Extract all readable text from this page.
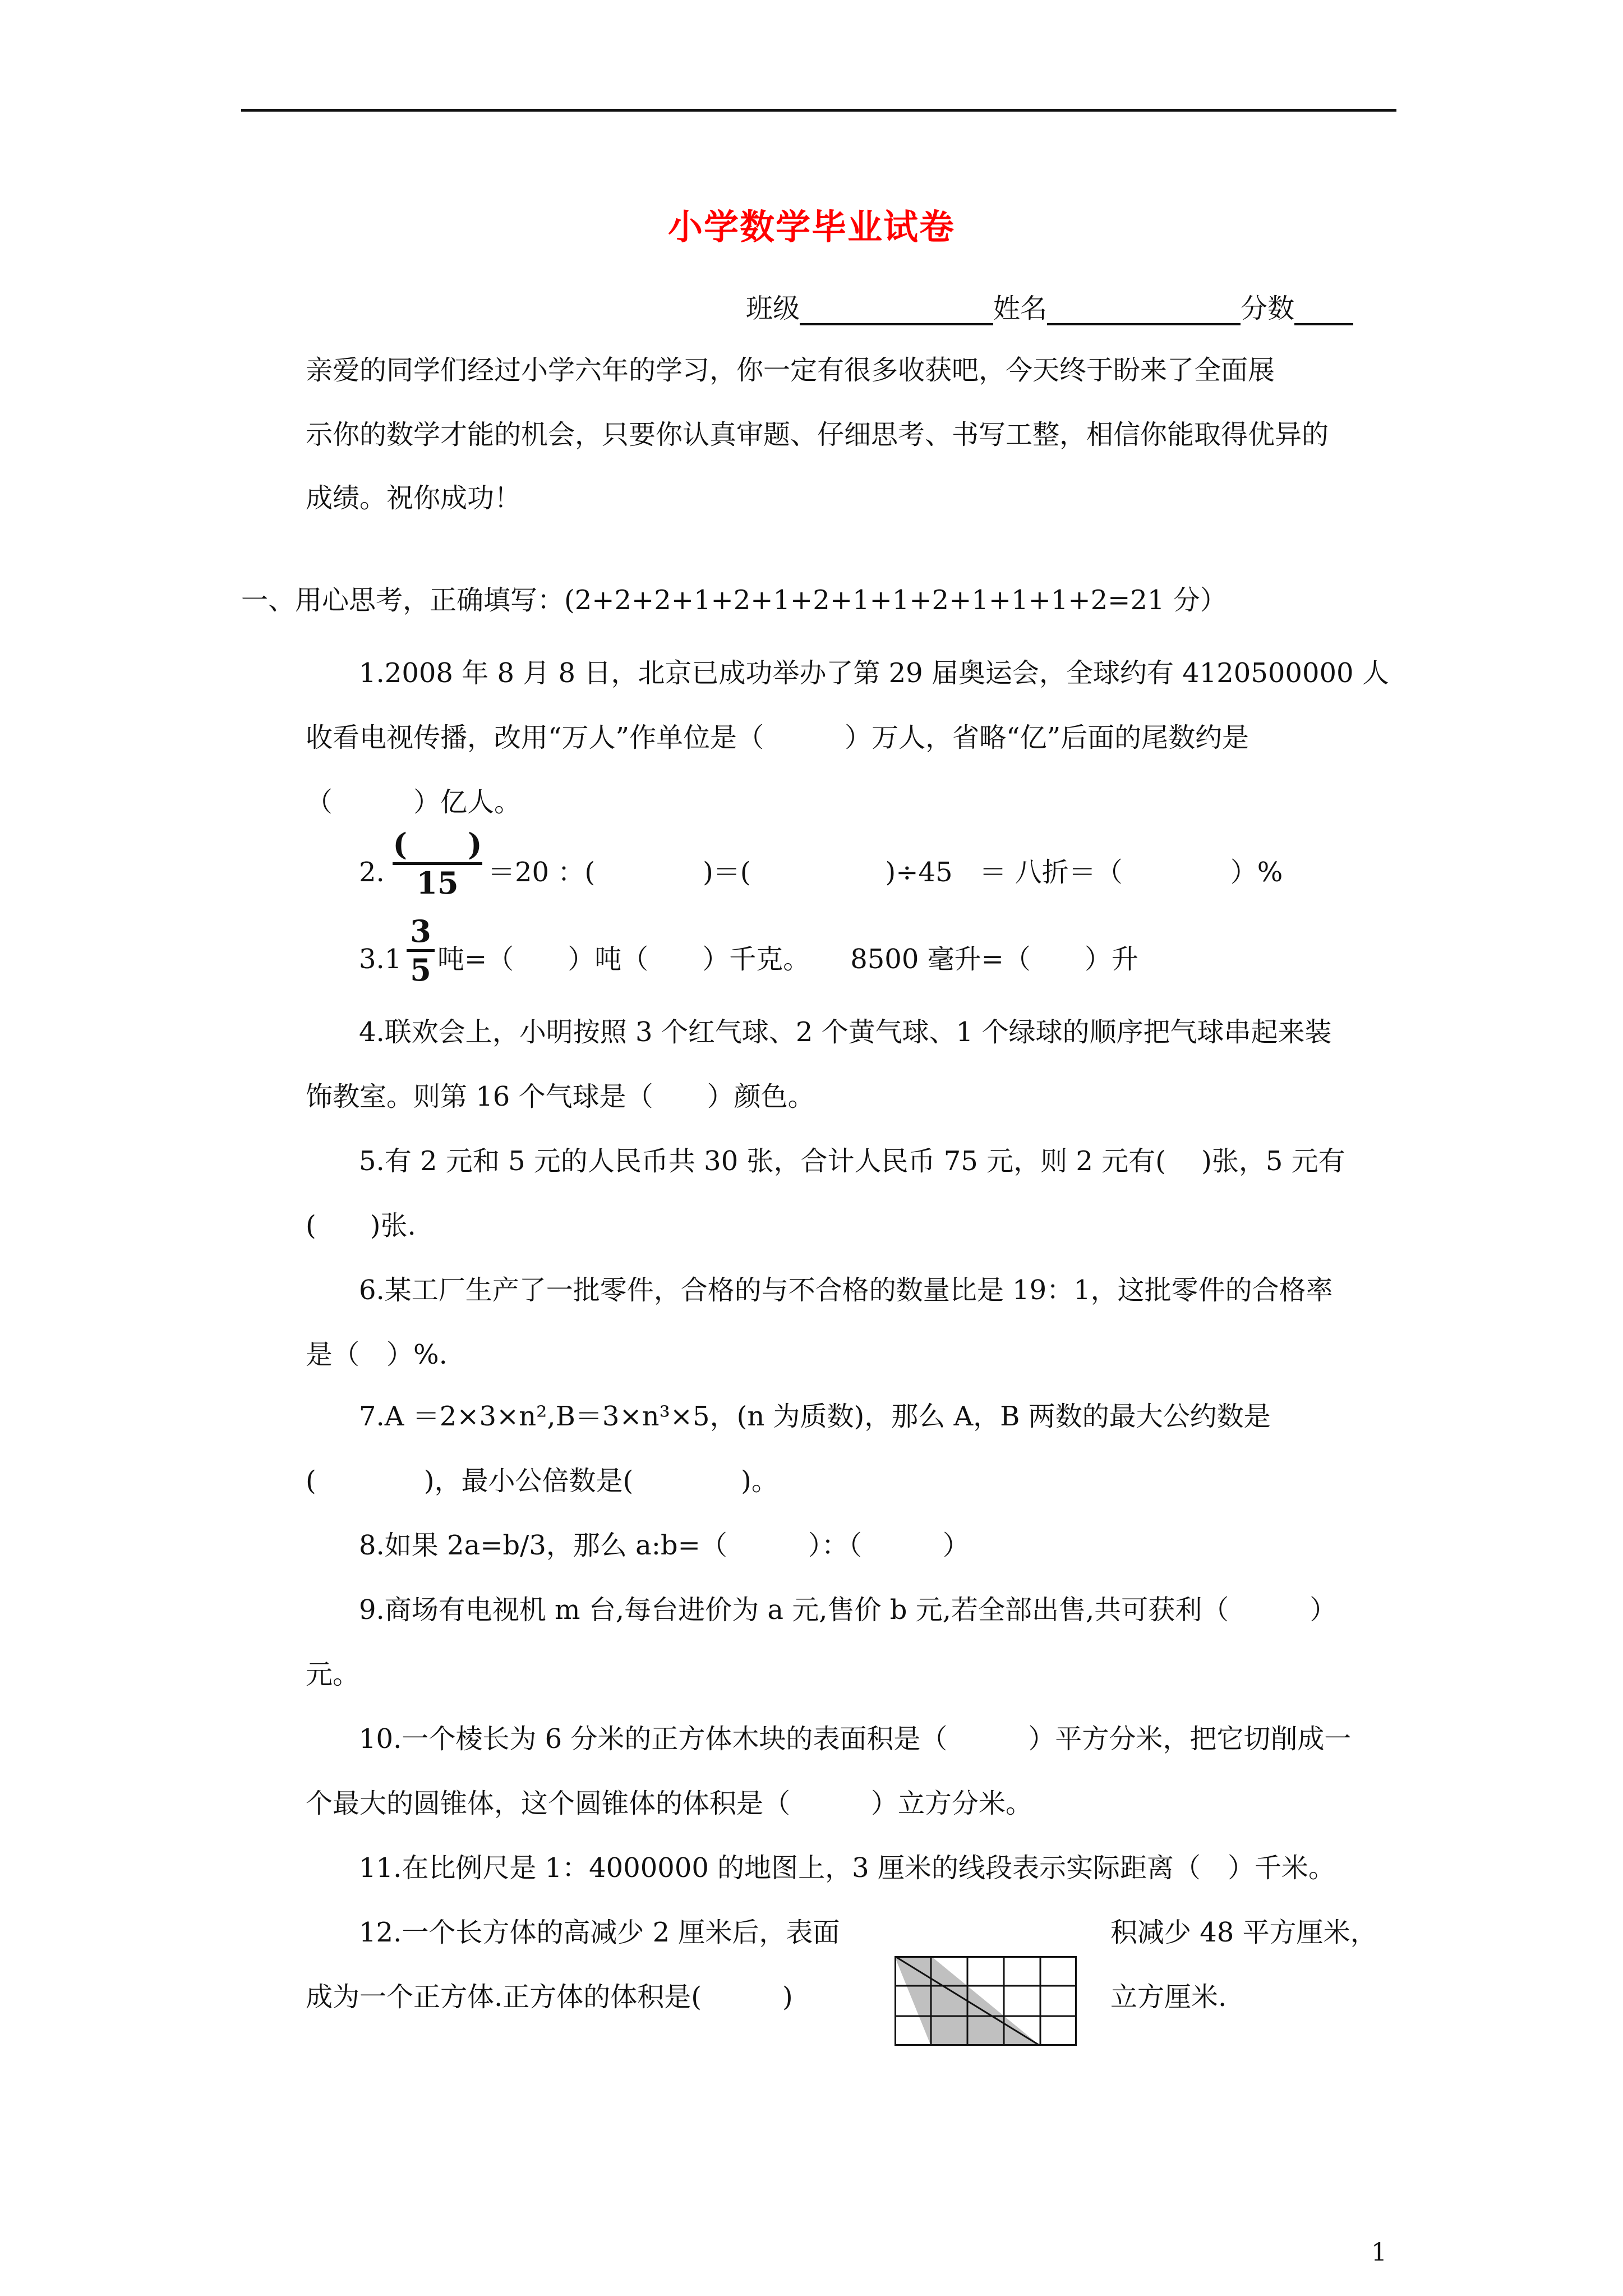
小学数学毕业试卷
班级	姓名	分数
亲爱的同学们经过小学六年的学习，你一定有很多收获吧，今天终于盼来了全面展
示你的数学才能的机会，只要你认真审题、仔细思考、书写工整，相信你能取得优异的
成绩。祝你成功！
一、用心思考，正确填写：(2+2+2+1+2+1+2+1+1+2+1+1+1+2=21 分）
1.2008 年 8 月 8 日，北京已成功举办了第 29 届奥运会，全球约有 4120500000 人
收看电视传播，改用“万人”作单位是（　　　）万人，省略“亿”后面的尾数约是
（　　　）亿人。
2.
(　　)
15	＝20 ：(　　　　)＝(　　　　　)÷45　＝ 八折＝（　　　　）%
3.1
3
5 吨=（　　）吨（　　）千克。　　8500 毫升=（　　）升
4.联欢会上，小明按照 3 个红气球、2 个黄气球、1 个绿球的顺序把气球串起来装
饰教室。则第 16 个气球是（　　）颜色。
5.有 2 元和 5 元的人民币共 30 张，合计人民币 75 元，则 2 元有(　 )张，5 元有
(　　)张.
6.某工厂生产了一批零件，合格的与不合格的数量比是 19：1，这批零件的合格率
是（　）%.
7.A ＝2×3×n²,B＝3×n³×5，(n 为质数)，那么 A，B 两数的最大公约数是
(　　　　)，最小公倍数是(　　　　)。
8.如果 2a=b/3，那么 a:b=（　　　）：（　　　）
9.商场有电视机 m 台,每台进价为 a 元,售价 b 元,若全部出售,共可获利（　　　）
元。
10.一个棱长为 6 分米的正方体木块的表面积是（　　　）平方分米，把它切削成一
个最大的圆锥体，这个圆锥体的体积是（　　　）立方分米。
11.在比例尺是 1：4000000 的地图上，3 厘米的线段表示实际距离（　）千米。
12.一个长方体的高减少 2 厘米后，表面	积减少 48 平方厘米，
成为一个正方体.正方体的体积是(　　　)	立方厘米.
1
